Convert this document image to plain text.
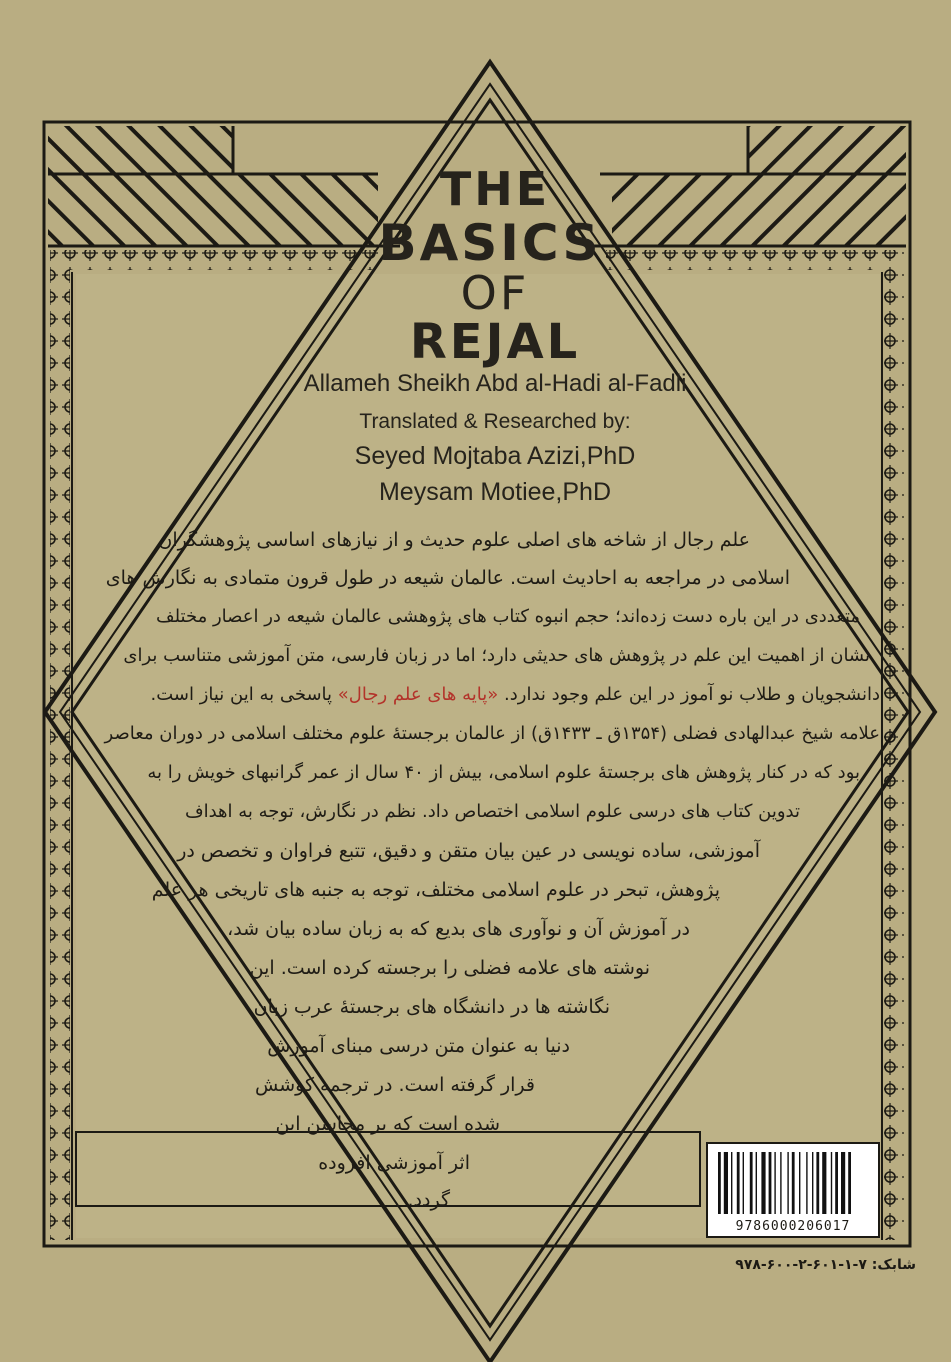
THE
BASICS
OF
REJAL
Allameh Sheikh Abd al-Hadi al-Fadli
Translated & Researched by:
Seyed Mojtaba Azizi,PhD
Meysam Motiee,PhD
علم رجال از شاخه های اصلی علوم حدیث و از نیازهای اساسی پژوهشگران
اسلامی در مراجعه به احادیث است. عالمان شیعه در طول قرون متمادی به نگارش های
متعددی در این باره دست زده‌اند؛ حجم انبوه کتاب های پژوهشی عالمان شیعه در اعصار مختلف
نشان از اهمیت این علم در پژوهش های حدیثی دارد؛ اما در زبان فارسی، متن آموزشی متناسب برای
دانشجویان و طلاب نو آموز در این علم وجود ندارد. «پایه های علم رجال» پاسخی به این نیاز است.
علامه شیخ عبدالهادی فضلی (۱۳۵۴ق ـ ۱۴۳۳ق) از عالمان برجستهٔ علوم مختلف اسلامی در دوران معاصر
بود که در کنار پژوهش های برجستهٔ علوم اسلامی، بیش از ۴۰ سال از عمر گرانبهای خویش را به
تدوین کتاب های درسی علوم اسلامی اختصاص داد. نظم در نگارش، توجه به اهداف
آموزشی، ساده نویسی در عین بیان متقن و دقیق، تتبع فراوان و تخصص در
پژوهش، تبحر در علوم اسلامی مختلف، توجه به جنبه های تاریخی هر علم
در آموزش آن و نوآوری های بدیع که به زبان ساده بیان شد،
نوشته های علامه فضلی را برجسته کرده است. این
نگاشته ها در دانشگاه های برجستهٔ عرب زبان
دنیا به عنوان متن درسی مبنای آموزش
قرار گرفته است. در ترجمه کوشش
شده است که بر محاسن این
اثر آموزشی افزوده
گردد.
9786000206017
شابک: ۷-۱-۶۰۱-۲-۶۰۰-۹۷۸
